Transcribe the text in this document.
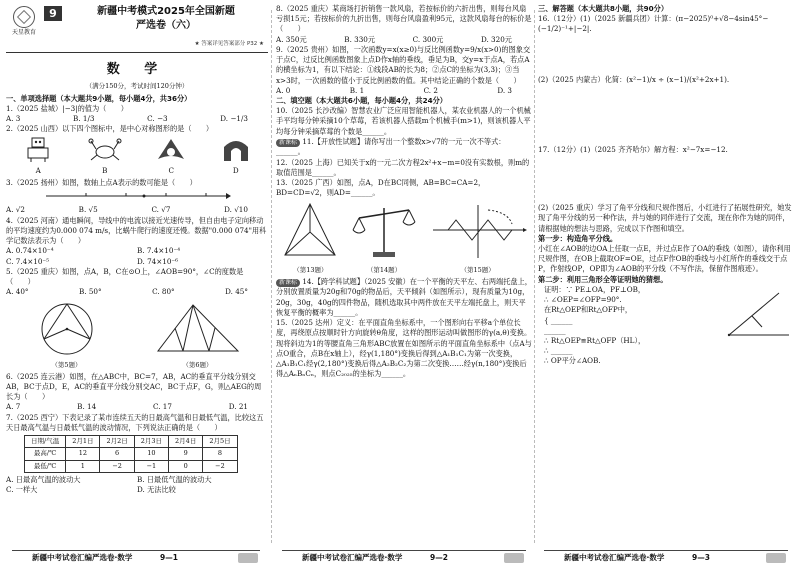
天星教育
9	新疆中考模式2025年全国新题
严选卷（六）
★ 答案详见答案部分 P32 ★
数 学
（满分150分，考试时间120分钟）
一、单项选择题（本大题共9小题，每小题4分，共36分）
1.（2025 盐城）|−3|的值为（　　）
A. 3	B. 1/3	C. −3	D. −1/3
2.（2025 山西）以下四个图标中，是中心对称图形的是（　　）
A	B	C	D
3.（2025 扬州）如图，数轴上点A表示的数可能是（　　）
A. √2	B. √5	C. √7	D. √10
4.（2025 河南）通电瞬间，导线中的电流以接近光速传导，但自由电子定向移动的平均速度约为0.000 074 m/s，比蜗牛爬行的速度还慢。数据"0.000 074"用科学记数法表示为（　　）
A. 0.74×10⁻⁴	B. 7.4×10⁻⁴
C. 7.4×10⁻⁵	D. 74×10⁻⁶
5.（2025 重庆）如图，点A，B，C在⊙O上，∠AOB=90°，∠C的度数是（　　）
A. 40°	B. 50°	C. 80°	D. 45°
（第5题）	（第6题）
6.（2025 连云港）如图，在△ABC中，BC=7，AB，AC的垂直平分线分别交AB，BC于点D，E，AC的垂直平分线分别交AC，BC于点F，G，则△AEG的周长为（　　）
A. 7	B. 14	C. 17	D. 21
7.（2025 西宁）下表记录了某市连续五天的日最高气温和日最低气温，比较这五天日最高气温与日最低气温的波动情况，下列说法正确的是（　　）
日期/气温	2月1日	2月2日	2月3日	2月4日	2月5日
最高/℃	12	6	10	9	8
最低/℃	1	−2	−1	0	−2
A. 日最高气温的波动大	B. 日最低气温的波动大
C. 一样大	D. 无法比较
8.（2025 重庆）某商场打折销售一款风扇，若按标价的六折出售，则每台风扇亏损15元；若按标价的九折出售，则每台风扇盈利95元，这款风扇每台的标价是（　　）
A. 350元	B. 330元	C. 300元	D. 320元
9.（2025 贵州）如图，一次函数y=x(x≥0)与反比例函数y=9/x(x>0)的图象交于点C，过反比例函数图象上点D作x轴的垂线，垂足为B，交y=x于点A，若点A的横坐标为1，有以下结论：①线段AB的长为8；②点C的坐标为(3,3)；③当x>3时，一次函数的值小于反比例函数的值。其中结论正确的个数是（　　）
A. 0	B. 1	C. 2	D. 3
二、填空题（本大题共6小题，每小题4分，共24分）
10.（2025 长沙改编）智慧农业广泛应用智能机器人，某农业机器人的一个机械手平均每分钟采摘10个草莓，若该机器人搭载m个机械手(m>1)，则该机器人平均每分钟采摘草莓的个数是______。
新课标 11.【开放性试题】请你写出一个整数x>√7的一元一次不等式：______。
12.（2025 上海）已知关于x的一元二次方程2x²+x−m=0没有实数根，则m的取值范围是______。
13.（2025 广西）如图，点A，D在BC同侧，AB=BC=CA=2，BD=CD=√2，则AD=______。
（第13题）	（第14题）	（第15题）
新课标 14.【跨学科试题】（2025 安徽）在一个平衡的天平左、右两端托盘上，分别放置质量为20g和70g的物品后，天平倾斜（如图所示），现有质量为10g，20g，30g，40g的四件物品，随机选取其中两件放在天平左端托盘上，则天平恢复平衡的概率为______。
15.（2025 达州）定义：在平面直角坐标系中，一个图形向右平移a个单位长度，再绕原点按顺时针方向旋转θ角度，这样的图形运动叫做图形的γ(a,θ)变换。现将斜边为1的等腰直角三角形ABC放置在如图所示的平面直角坐标系中（点A与点O重合，点B在x轴上），经γ(1,180°)变换后得到△A₁B₁C₁为第一次变换，△A₁B₁C₁经γ(2,180°)变换后得△A₂B₂C₂为第二次变换……经γ(n,180°)变换后得△AₙBₙCₙ，则点C₂₀₂₅的坐标为______。
三、解答题（本大题共8小题，共90分）
16.（12分）(1)（2025 新疆兵团）计算：(π−2025)⁰+√8−4sin45°−(−1/2)⁻¹+|−2|.
(2)（2025 内蒙古）化简：(x²−1)/x ÷ (x−1)/(x²+2x+1).
17.（12分）(1)（2025 齐齐哈尔）解方程：x²−7x=−12.
(2)（2025 重庆）学习了角平分线和尺规作图后，小红进行了拓展性研究，她发现了角平分线的另一种作法，并与她的同伴进行了交流，现在你作为她的同伴，请根据她的想法与思路，完成以下作图和填空。
第一步：构造角平分线。
小红在∠AOB的边OA上任取一点E，并过点E作了OA的垂线（如图），请你利用尺规作图，在OB上截取OF=OE，过点F作OB的垂线与小红所作的垂线交于点P，作射线OP，OP即为∠AOB的平分线（不写作法，保留作图痕迹）。
第二步：利用三角形全等证明她的猜想。
证明：∵ PE⊥OA，PF⊥OB，
∴ ∠OEP=∠OFP=90°.
在Rt△OEP和Rt△OFP中，
{ ______
______
∴ Rt△OEP≌Rt△OFP（HL），
∴ ______
∴ OP平分∠AOB.
新疆中考试卷汇编严选卷·数学	9—1	新疆中考试卷汇编严选卷·数学	9—2	新疆中考试卷汇编严选卷·数学	9—3
